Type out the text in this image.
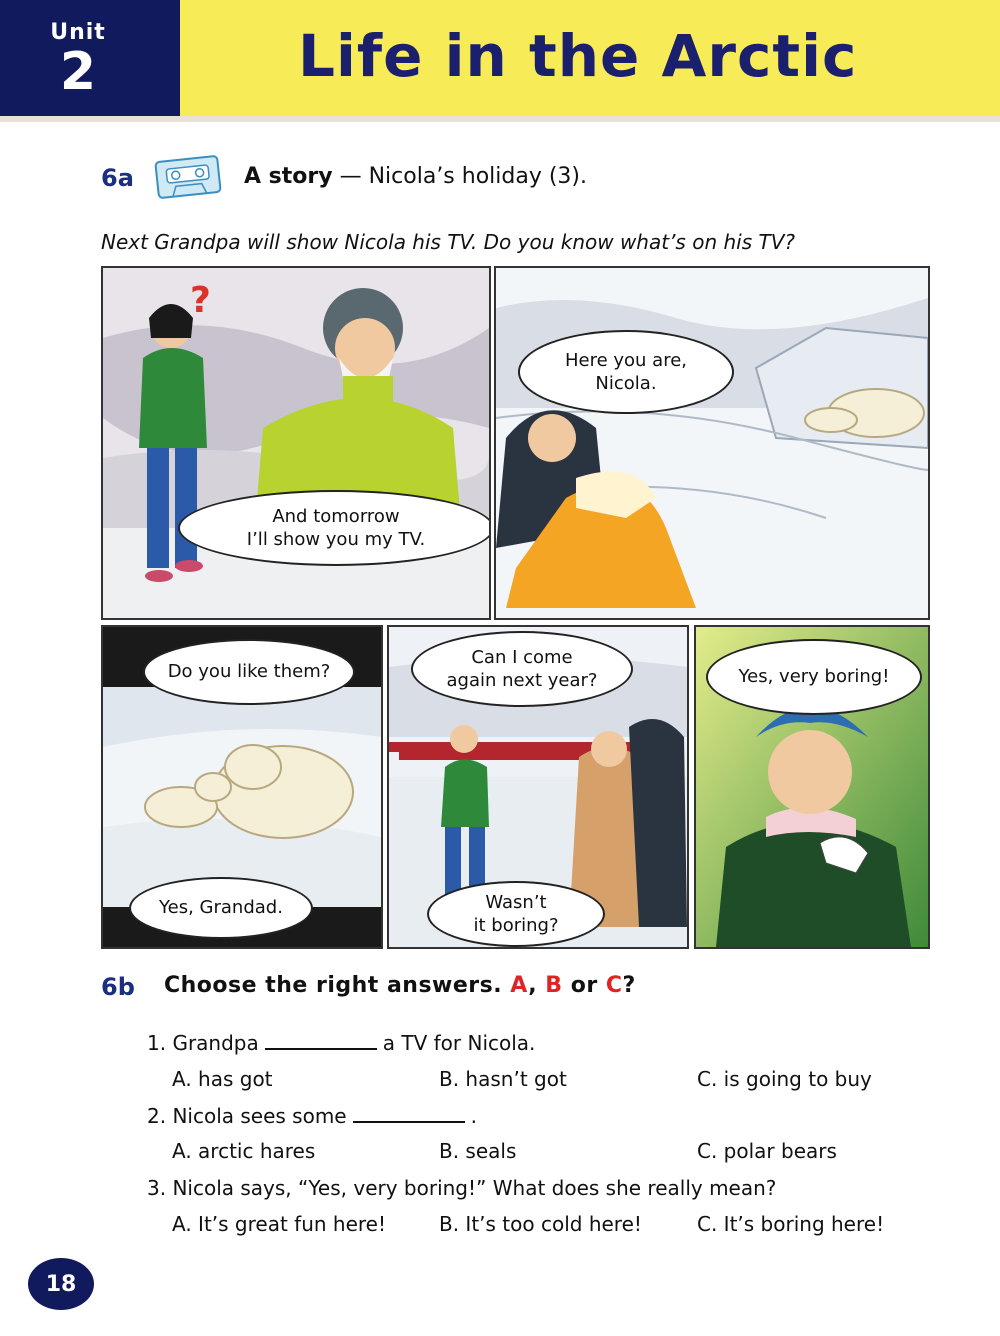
Unit
2	Life in the Arctic
6a	A story — Nicola’s holiday (3).
Next Grandpa will show Nicola his TV. Do you know what’s on his TV?
And tomorrow
I’ll show you my TV.
?
Here you are,
Nicola.
Do you like them?
Yes, Grandad.
Can I come
again next year?
Wasn’t
it boring?
Yes, very boring!
6b Choose the right answers. A, B or C?
1. Grandpa	a TV for Nicola.
A. has got	B. hasn’t got	C. is going to buy
2. Nicola sees some	.
A. arctic hares	B. seals	C. polar bears
3. Nicola says, “Yes, very boring!” What does she really mean?
A. It’s great fun here!	B. It’s too cold here!	C. It’s boring here!
18
